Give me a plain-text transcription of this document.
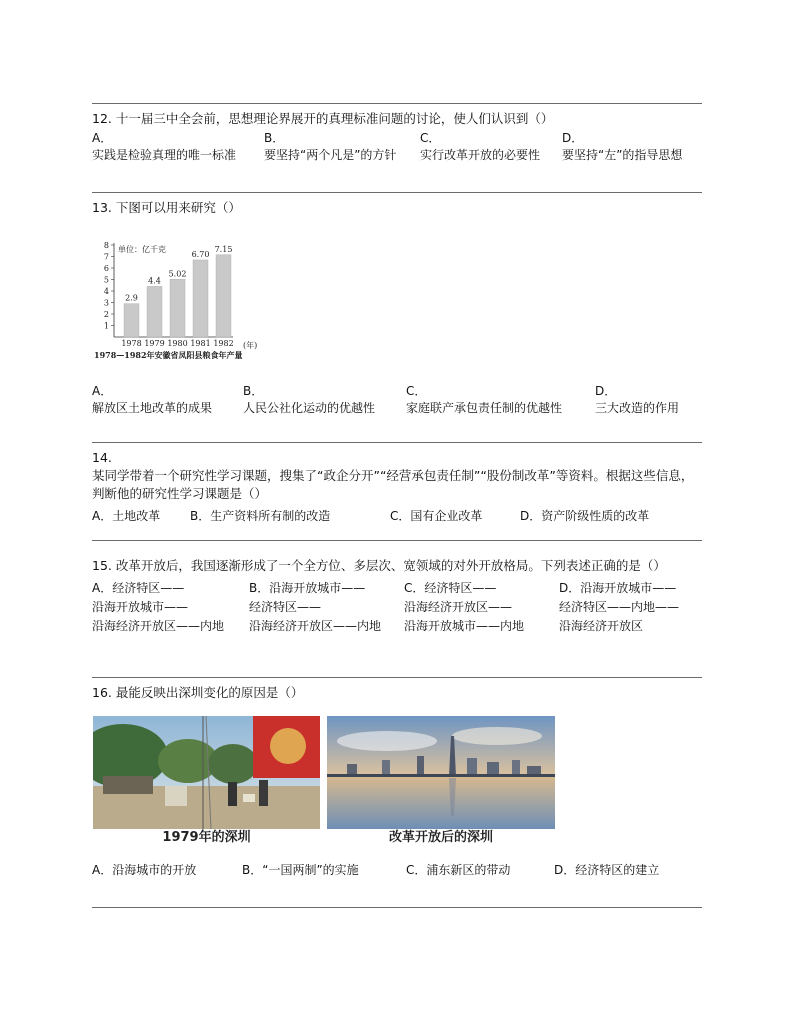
12. 十一届三中全会前，思想理论界展开的真理标准问题的讨论，使人们认识到（）
A．
实践是检验真理的唯一标准
B．
要坚持“两个凡是”的方针
C．
实行改革开放的必要性
D．
要坚持“左”的指导思想
13. 下图可以用来研究（）
1
2
3
4
5
6
7
8
2.9
1978
4.4
1979
5.02
1980
6.70
1981
7.15
1982
单位：亿千克
(年)
1978—1982年安徽省凤阳县粮食年产量
A．
解放区土地改革的成果
B．
人民公社化运动的优越性
C．
家庭联产承包责任制的优越性
D．
三大改造的作用
14.
某同学带着一个研究性学习课题，搜集了“政企分开”“经营承包责任制”“股份制改革”等资料。根据这些信息，判断他的研究性学习课题是（）
A．土地改革 B．生产资料所有制的改造	C．国有企业改革	D．资产阶级性质的改革
15. 改革开放后，我国逐渐形成了一个全方位、多层次、宽领域的对外开放格局。下列表述正确的是（）
A．经济特区——
沿海开放城市——
沿海经济开放区——内地
B．沿海开放城市——
经济特区——
沿海经济开放区——内地
C．经济特区——
沿海经济开放区——
沿海开放城市——内地
D．沿海开放城市——
经济特区——内地——
沿海经济开放区
16. 最能反映出深圳变化的原因是（）
1979年的深圳	改革开放后的深圳
A．沿海城市的开放	B．“一国两制”的实施	C．浦东新区的带动	D．经济特区的建立
